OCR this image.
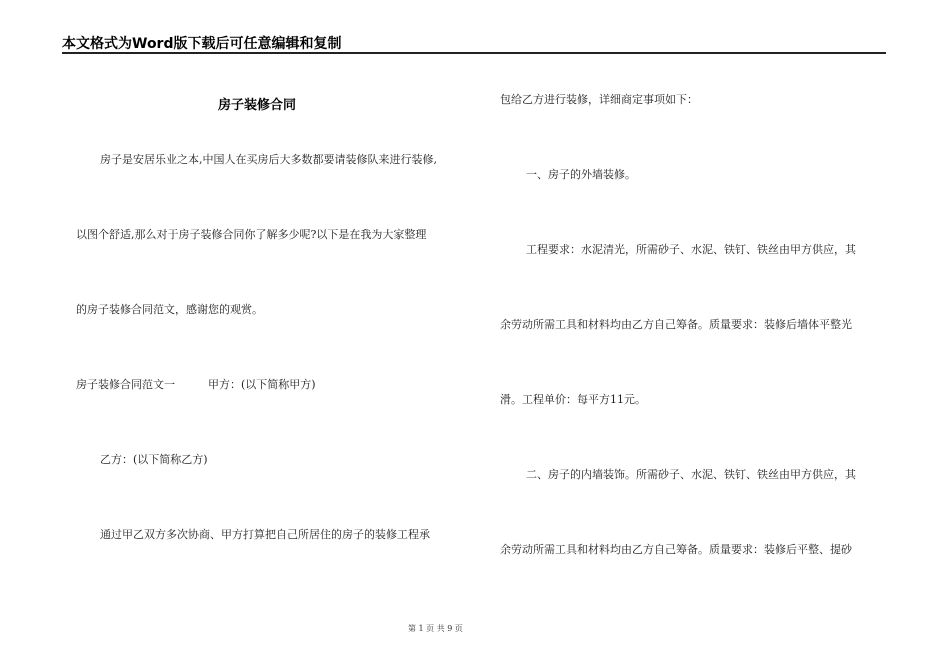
本文格式为Word版下载后可任意编辑和复制
房子装修合同
房子是安居乐业之本,中国人在买房后大多数都要请装修队来进行装修,
以图个舒适,那么对于房子装修合同你了解多少呢?以下是在我为大家整理
的房子装修合同范文，感谢您的观赏。
房子装修合同范文一　　　甲方：(以下简称甲方)
乙方：(以下简称乙方)
通过甲乙双方多次协商、甲方打算把自己所居住的房子的装修工程承
包给乙方进行装修，详细商定事项如下：
一、房子的外墙装修。
工程要求：水泥清光，所需砂子、水泥、铁钉、铁丝由甲方供应，其
余劳动所需工具和材料均由乙方自己筹备。质量要求：装修后墙体平整光
滑。工程单价：每平方11元。
二、房子的内墙装饰。所需砂子、水泥、铁钉、铁丝由甲方供应，其
余劳动所需工具和材料均由乙方自己筹备。质量要求：装修后平整、提砂
第 1 页 共 9 页
